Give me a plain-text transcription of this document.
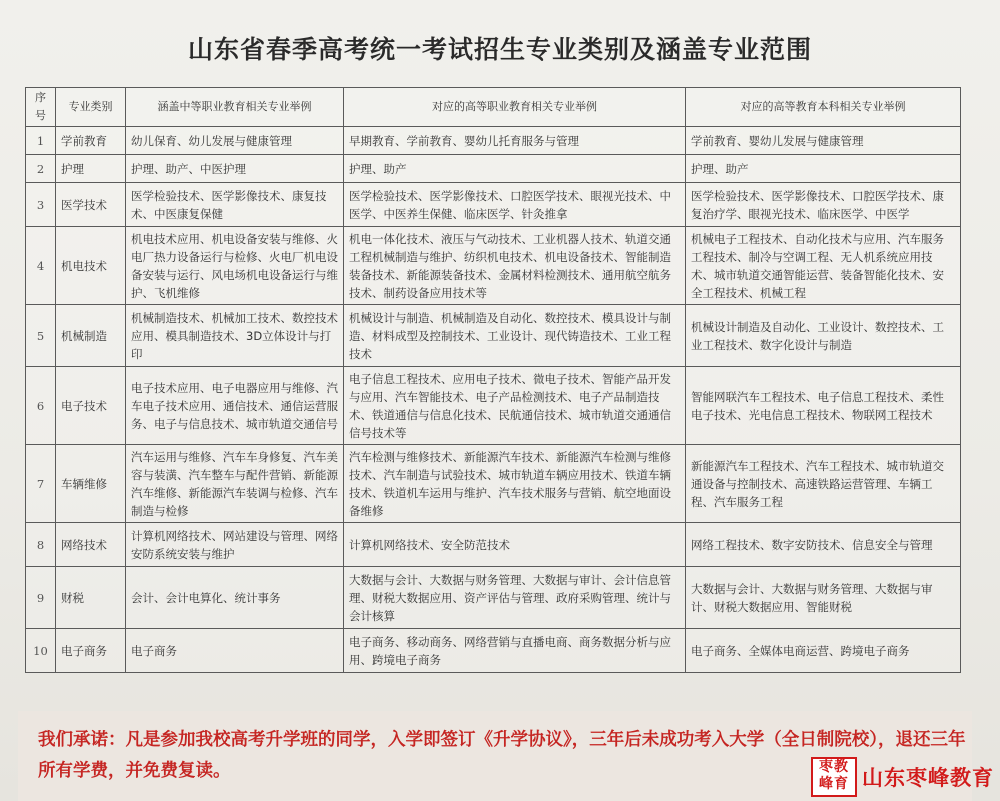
山东省春季高考统一考试招生专业类别及涵盖专业范围
序号	专业类别	涵盖中等职业教育相关专业举例	对应的高等职业教育相关专业举例	对应的高等教育本科相关专业举例
1	学前教育	幼儿保育、幼儿发展与健康管理	早期教育、学前教育、婴幼儿托育服务与管理	学前教育、婴幼儿发展与健康管理
2	护理	护理、助产、中医护理	护理、助产	护理、助产
3	医学技术	医学检验技术、医学影像技术、康复技术、中医康复保健	医学检验技术、医学影像技术、口腔医学技术、眼视光技术、中医学、中医养生保健、临床医学、针灸推拿	医学检验技术、医学影像技术、口腔医学技术、康复治疗学、眼视光技术、临床医学、中医学
4	机电技术	机电技术应用、机电设备安装与维修、火电厂热力设备运行与检修、火电厂机电设备安装与运行、风电场机电设备运行与维护、飞机维修	机电一体化技术、液压与气动技术、工业机器人技术、轨道交通工程机械制造与维护、纺织机电技术、机电设备技术、智能制造装备技术、新能源装备技术、金属材料检测技术、通用航空航务技术、制药设备应用技术等	机械电子工程技术、自动化技术与应用、汽车服务工程技术、制冷与空调工程、无人机系统应用技术、城市轨道交通智能运营、装备智能化技术、安全工程技术、机械工程
5	机械制造	机械制造技术、机械加工技术、数控技术应用、模具制造技术、3D立体设计与打印	机械设计与制造、机械制造及自动化、数控技术、模具设计与制造、材料成型及控制技术、工业设计、现代铸造技术、工业工程技术	机械设计制造及自动化、工业设计、数控技术、工业工程技术、数字化设计与制造
6	电子技术	电子技术应用、电子电器应用与维修、汽车电子技术应用、通信技术、通信运营服务、电子与信息技术、城市轨道交通信号	电子信息工程技术、应用电子技术、微电子技术、智能产品开发与应用、汽车智能技术、电子产品检测技术、电子产品制造技术、铁道通信与信息化技术、民航通信技术、城市轨道交通通信信号技术等	智能网联汽车工程技术、电子信息工程技术、柔性电子技术、光电信息工程技术、物联网工程技术
7	车辆维修	汽车运用与维修、汽车车身修复、汽车美容与装潢、汽车整车与配件营销、新能源汽车维修、新能源汽车装调与检修、汽车制造与检修	汽车检测与维修技术、新能源汽车技术、新能源汽车检测与维修技术、汽车制造与试验技术、城市轨道车辆应用技术、铁道车辆技术、铁道机车运用与维护、汽车技术服务与营销、航空地面设备维修	新能源汽车工程技术、汽车工程技术、城市轨道交通设备与控制技术、高速铁路运营管理、车辆工程、汽车服务工程
8	网络技术	计算机网络技术、网站建设与管理、网络安防系统安装与维护	计算机网络技术、安全防范技术	网络工程技术、数字安防技术、信息安全与管理
9	财税	会计、会计电算化、统计事务	大数据与会计、大数据与财务管理、大数据与审计、会计信息管理、财税大数据应用、资产评估与管理、政府采购管理、统计与会计核算	大数据与会计、大数据与财务管理、大数据与审计、财税大数据应用、智能财税
10	电子商务	电子商务	电子商务、移动商务、网络营销与直播电商、商务数据分析与应用、跨境电子商务	电子商务、全媒体电商运营、跨境电子商务
我们承诺：凡是参加我校高考升学班的同学，入学即签订《升学协议》，三年后未成功考入大学（全日制院校），退还三年所有学费，并免费复读。	枣教
峰育 山东枣峰教育
